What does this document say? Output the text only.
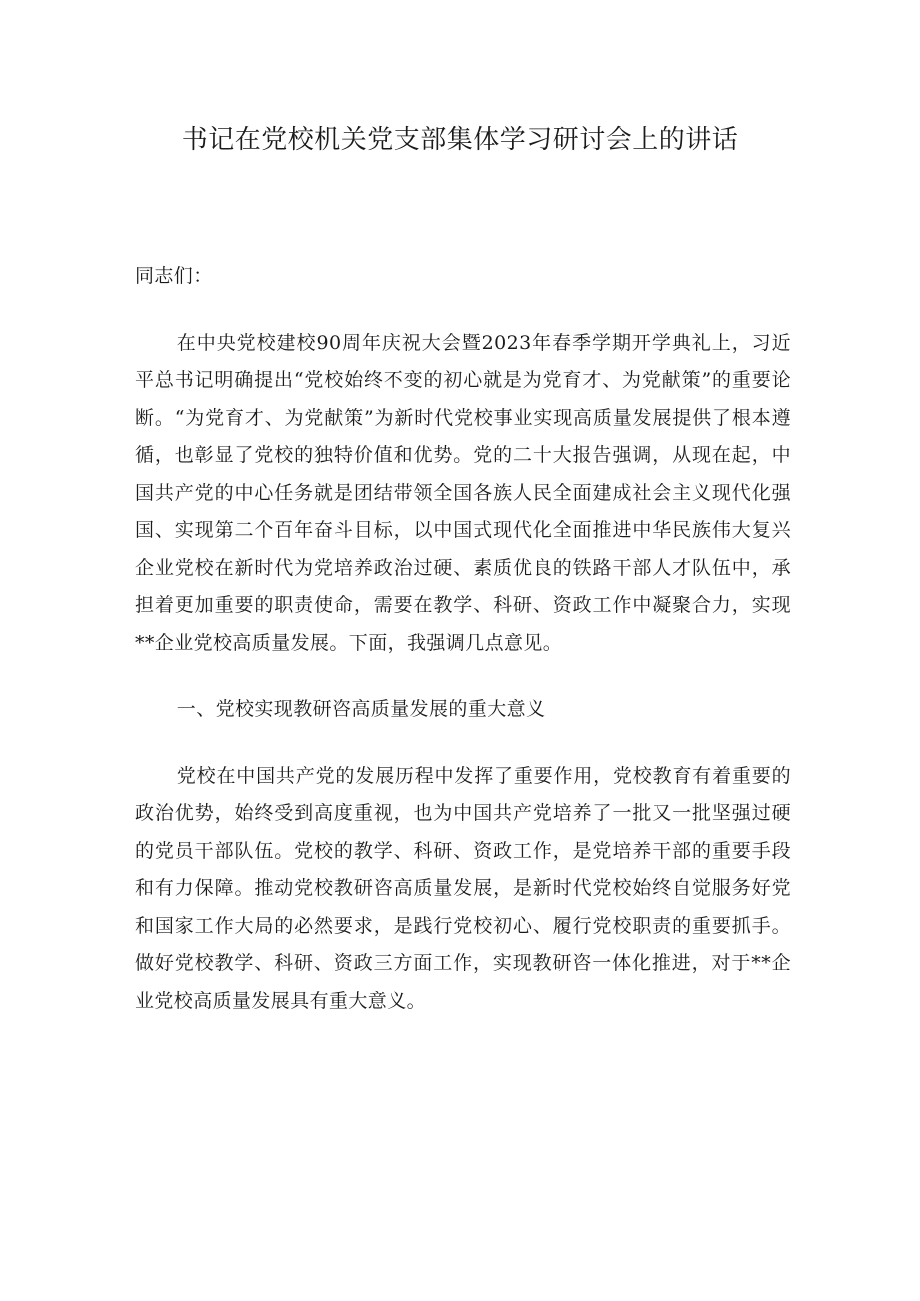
书记在党校机关党支部集体学习研讨会上的讲话

同志们：

在中央党校建校90周年庆祝大会暨2023年春季学期开学典礼上，习近平总书记明确提出“党校始终不变的初心就是为党育才、为党献策”的重要论断。“为党育才、为党献策”为新时代党校事业实现高质量发展提供了根本遵循，也彰显了党校的独特价值和优势。党的二十大报告强调，从现在起，中国共产党的中心任务就是团结带领全国各族人民全面建成社会主义现代化强国、实现第二个百年奋斗目标，以中国式现代化全面推进中华民族伟大复兴企业党校在新时代为党培养政治过硬、素质优良的铁路干部人才队伍中，承担着更加重要的职责使命，需要在教学、科研、资政工作中凝聚合力，实现**企业党校高质量发展。下面，我强调几点意见。

一、党校实现教研咨高质量发展的重大意义

党校在中国共产党的发展历程中发挥了重要作用，党校教育有着重要的政治优势，始终受到高度重视，也为中国共产党培养了一批又一批坚强过硬的党员干部队伍。党校的教学、科研、资政工作，是党培养干部的重要手段和有力保障。推动党校教研咨高质量发展，是新时代党校始终自觉服务好党和国家工作大局的必然要求，是践行党校初心、履行党校职责的重要抓手。做好党校教学、科研、资政三方面工作，实现教研咨一体化推进，对于**企业党校高质量发展具有重大意义。
